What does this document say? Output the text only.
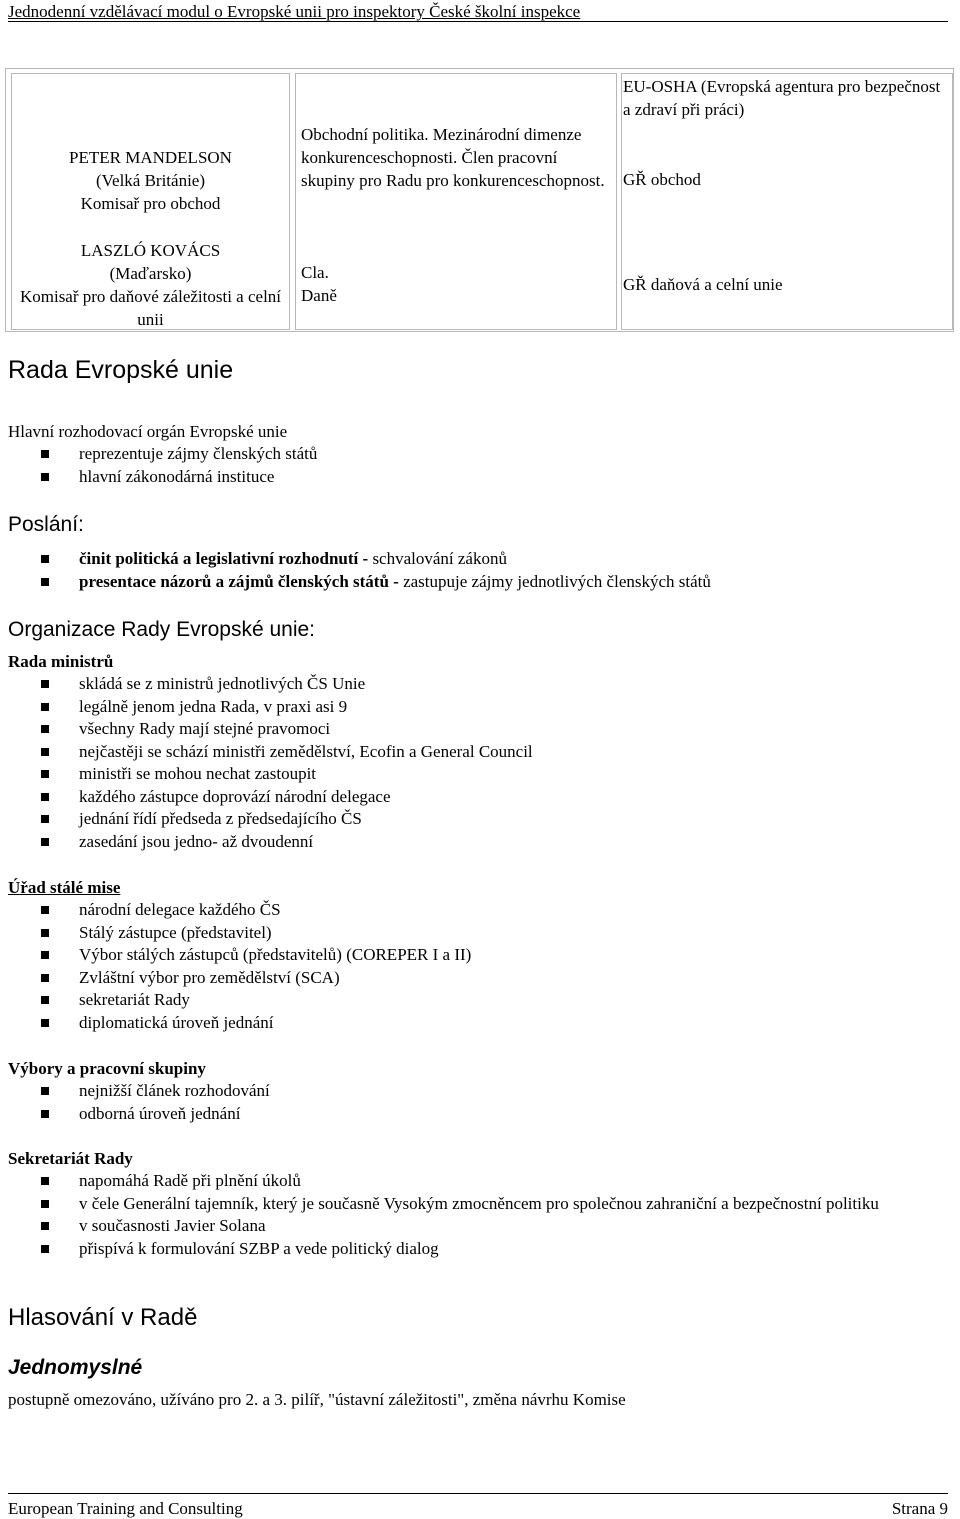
Jednodenní vzdělávací modul o Evropské unii pro inspektory České školní inspekce
PETER MANDELSON
(Velká Británie)
Komisař pro obchod
LASZLÓ KOVÁCS
(Maďarsko)
Komisař pro daňové záležitosti a celní unii
Obchodní politika. Mezinárodní dimenze konkurenceschopnosti. Člen pracovní skupiny pro Radu pro konkurenceschopnost.
Cla.
Daně
EU-OSHA (Evropská agentura pro bezpečnost a zdraví při práci)
GŘ obchod
GŘ daňová a celní unie
Rada Evropské unie
Hlavní rozhodovací orgán Evropské unie
reprezentuje zájmy členských států
hlavní zákonodárná instituce
Poslání:
činit politická a legislativní rozhodnutí - schvalování zákonů
presentace názorů a zájmů členských států - zastupuje zájmy jednotlivých členských států
Organizace Rady Evropské unie:
Rada ministrů
skládá se z ministrů jednotlivých ČS Unie
legálně jenom jedna Rada, v praxi asi 9
všechny Rady mají stejné pravomoci
nejčastěji se schází ministři zemědělství, Ecofin a General Council
ministři se mohou nechat zastoupit
každého zástupce doprovází národní delegace
jednání řídí předseda z předsedajícího ČS
zasedání jsou jedno- až dvoudenní
Úřad stálé mise
národní delegace každého ČS
Stálý zástupce (představitel)
Výbor stálých zástupců (představitelů) (COREPER I a II)
Zvláštní výbor pro zemědělství (SCA)
sekretariát Rady
diplomatická úroveň jednání
Výbory a pracovní skupiny
nejnižší článek rozhodování
odborná úroveň jednání
Sekretariát Rady
napomáhá Radě při plnění úkolů
v čele Generální tajemník, který je současně Vysokým zmocněncem pro společnou zahraniční a bezpečnostní politiku
v současnosti Javier Solana
přispívá k formulování SZBP a vede politický dialog
Hlasování v Radě
Jednomyslné
postupně omezováno, užíváno pro 2. a 3. pilíř, "ústavní záležitosti", změna návrhu Komise
European Training and Consulting	Strana 9
